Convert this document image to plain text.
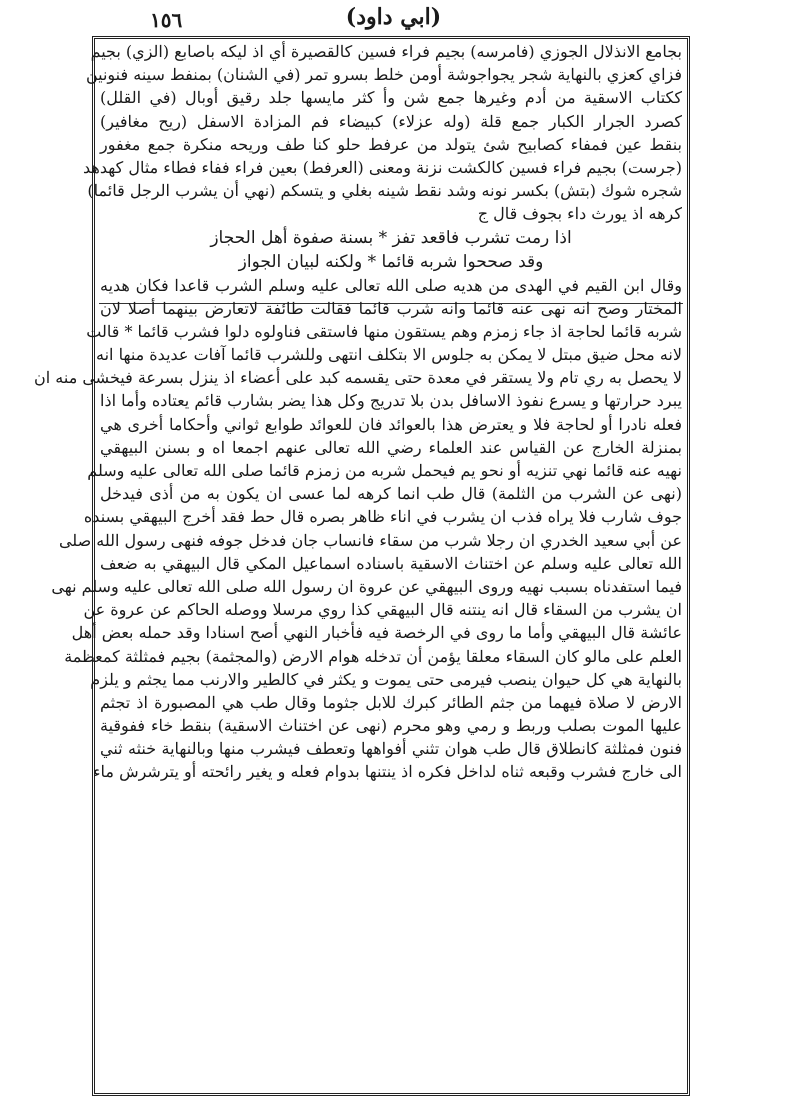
١٥٦	(ابي داود)
بجامع الانذلال الجوزي (فامرسه) بجيم فراء فسين كالقصيرة أي اذ ليكه باصابع (الزي) بجيم
فزاي كعزي بالنهاية شجر يجواجوشة أومن خلط بسرو تمر (في الشنان) بمنفط سينه فنونين
ككتاب الاسقية من أدم وغيرها جمع شن وأ كثر مايسها جلد رقيق أوبال (في القلل)
كصرد الجرار الكبار جمع قلة (وله عزلاء) كبيضاء فم المزادة الاسفل (ريح مغافير)
بنقط عين فمفاء كصابيح شئ يتولد من عرفط حلو كنا طف وريحه منكرة جمع مغفور
(جرست) بجيم فراء فسين كالكشت نزنة ومعنى (العرفط) بعين فراء ففاء فطاء مثال كهدهد
شجره شوك (بتش) بكسر نونه وشد نقط شينه بغلي و يتسكم (نهي أن يشرب الرجل قائما)
كرهه اذ يورث داء بجوف قال ج
اذا رمت تشرب فاقعد تفز * بسنة صفوة أهل الحجاز
وقد صححوا شربه قائما * ولكنه لبيان الجواز
وقال ابن القيم في الهدى من هديه صلى الله تعالى عليه وسلم الشرب قاعدا فكان هديه
المختار وصح انه نهى عنه قائما وانه شرب قائما فقالت طائفة لاتعارض بينهما أصلا لان
شربه قائما لحاجة اذ جاء زمزم وهم يستقون منها فاستقى فناولوه دلوا فشرب قائما * قالت
لانه محل ضيق مبتل لا يمكن به جلوس الا بتكلف انتهى وللشرب قائما آفات عديدة منها انه
لا يحصل به ري تام ولا يستقر في معدة حتى يقسمه كبد على أعضاء اذ ينزل بسرعة فيخشى منه ان
يبرد حرارتها و يسرع نفوذ الاسافل بدن بلا تدريج وكل هذا يضر بشارب قائم يعتاده وأما اذا
فعله نادرا أو لحاجة فلا و يعترض هذا بالعوائد فان للعوائد طوابع ثواني وأحكاما أخرى هي
بمنزلة الخارج عن القياس عند العلماء رضي الله تعالى عنهم اجمعا اه و بسنن البيهقي
نهيه عنه قائما نهي تنزيه أو نحو يم فيحمل شربه من زمزم قائما صلى الله تعالى عليه وسلم
(نهى عن الشرب من الثلمة) قال طب انما كرهه لما عسى ان يكون به من أذى فيدخل
جوف شارب فلا يراه فذب ان يشرب في اناء ظاهر بصره قال حط فقد أخرج البيهقي بسنده
عن أبي سعيد الخدري ان رجلا شرب من سقاء فانساب جان فدخل جوفه فنهى رسول الله صلى
الله تعالى عليه وسلم عن اختناث الاسقية باسناده اسماعيل المكي قال البيهقي به ضعف
فيما استفدناه بسبب نهيه وروى البيهقي عن عروة ان رسول الله صلى الله تعالى عليه وسلم نهى
ان يشرب من السقاء قال انه ينتنه قال البيهقي كذا روي مرسلا ووصله الحاكم عن عروة عن
عائشة قال البيهقي وأما ما روى في الرخصة فيه فأخبار النهي أصح اسنادا وقد حمله بعض أهل
العلم على مالو كان السقاء معلقا يؤمن أن تدخله هوام الارض (والمجثمة) بجيم فمثلثة كمعظمة
بالنهاية هي كل حيوان ينصب فيرمى حتى يموت و يكثر في كالطير والارنب مما يجثم و يلزم
الارض لا صلاة فيهما من جثم الطائر كبرك للابل جثوما وقال طب هي المصبورة اذ تجثم
عليها الموت بصلب وربط و رمي وهو محرم (نهى عن اختناث الاسقية) بنقط خاء ففوقية
فنون فمثلثة كانطلاق قال طب هوان تثني أفواهها وتعطف فيشرب منها وبالنهاية خنثه ثني
الى خارج فشرب وقبعه ثناه لداخل فكره اذ ينتنها بدوام فعله و يغير رائحته أو يترشرش ماء
